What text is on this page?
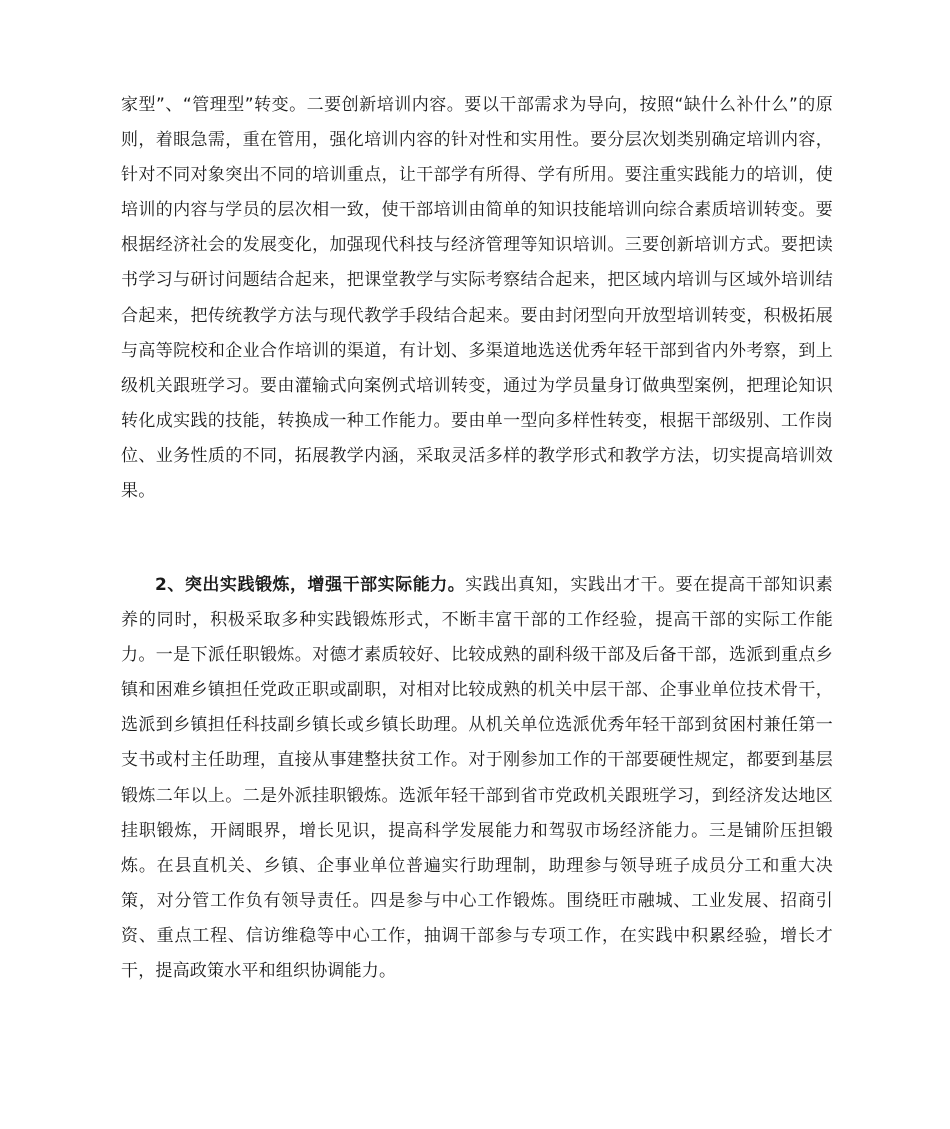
家型”、“管理型”转变。二要创新培训内容。要以干部需求为导向，按照“缺什么补什么”的原则，着眼急需，重在管用，强化培训内容的针对性和实用性。要分层次划类别确定培训内容，针对不同对象突出不同的培训重点，让干部学有所得、学有所用。要注重实践能力的培训，使培训的内容与学员的层次相一致，使干部培训由简单的知识技能培训向综合素质培训转变。要根据经济社会的发展变化，加强现代科技与经济管理等知识培训。三要创新培训方式。要把读书学习与研讨问题结合起来，把课堂教学与实际考察结合起来，把区域内培训与区域外培训结合起来，把传统教学方法与现代教学手段结合起来。要由封闭型向开放型培训转变，积极拓展与高等院校和企业合作培训的渠道，有计划、多渠道地选送优秀年轻干部到省内外考察，到上级机关跟班学习。要由灌输式向案例式培训转变，通过为学员量身订做典型案例，把理论知识转化成实践的技能，转换成一种工作能力。要由单一型向多样性转变，根据干部级别、工作岗位、业务性质的不同，拓展教学内涵，采取灵活多样的教学形式和教学方法，切实提高培训效果。

2、突出实践锻炼，增强干部实际能力。实践出真知，实践出才干。要在提高干部知识素养的同时，积极采取多种实践锻炼形式，不断丰富干部的工作经验，提高干部的实际工作能力。一是下派任职锻炼。对德才素质较好、比较成熟的副科级干部及后备干部，选派到重点乡镇和困难乡镇担任党政正职或副职，对相对比较成熟的机关中层干部、企事业单位技术骨干，选派到乡镇担任科技副乡镇长或乡镇长助理。从机关单位选派优秀年轻干部到贫困村兼任第一支书或村主任助理，直接从事建整扶贫工作。对于刚参加工作的干部要硬性规定，都要到基层锻炼二年以上。二是外派挂职锻炼。选派年轻干部到省市党政机关跟班学习，到经济发达地区挂职锻炼，开阔眼界，增长见识，提高科学发展能力和驾驭市场经济能力。三是铺阶压担锻炼。在县直机关、乡镇、企事业单位普遍实行助理制，助理参与领导班子成员分工和重大决策，对分管工作负有领导责任。四是参与中心工作锻炼。围绕旺市融城、工业发展、招商引资、重点工程、信访维稳等中心工作，抽调干部参与专项工作，在实践中积累经验，增长才干，提高政策水平和组织协调能力。
